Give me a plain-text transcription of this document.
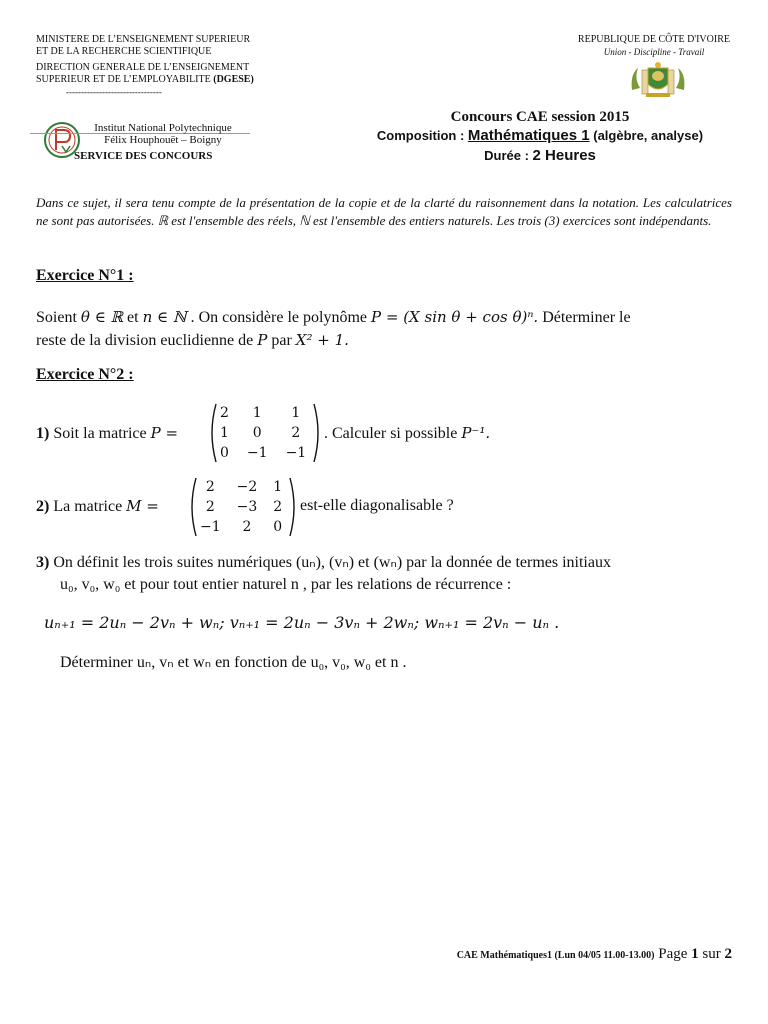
MINISTERE DE L’ENSEIGNEMENT SUPERIEUR
ET DE LA RECHERCHE SCIENTIFIQUE
DIRECTION GENERALE DE L’ENSEIGNEMENT
SUPERIEUR ET DE L’EMPLOYABILITE (DGESE)
--------------------------------
REPUBLIQUE DE CÔTE D'IVOIRE
Union - Discipline - Travail
Institut National Polytechnique
Félix Houphouët – Boigny
SERVICE DES CONCOURS
Concours CAE session 2015
Composition : Mathématiques 1 (algèbre, analyse)
Durée : 2 Heures
Dans ce sujet, il sera tenu compte de la présentation de la copie et de la clarté du raisonnement dans la notation. Les calculatrices ne sont pas autorisées. ℝ est l'ensemble des réels, ℕ est l'ensemble des entiers naturels. Les trois (3) exercices sont indépendants.
Exercice N°1 :
Soient θ ∈ ℝ et n ∈ ℕ . On considère le polynôme P = (X sin θ + cos θ)ⁿ. Déterminer le
reste de la division euclidienne de P par X² + 1.
Exercice N°2 :
1) Soit la matrice P =
2	1	1
1	0	2
0	−1	−1
. Calculer si possible P⁻¹.
2) La matrice M =
2	−2	1
2	−3	2
−1	2	0
est-elle diagonalisable ?
3) On définit les trois suites numériques (uₙ), (vₙ) et (wₙ) par la donnée de termes initiaux
u₀, v₀, w₀ et pour tout entier naturel n , par les relations de récurrence :
uₙ₊₁ = 2uₙ − 2vₙ + wₙ; vₙ₊₁ = 2uₙ − 3vₙ + 2wₙ; wₙ₊₁ = 2vₙ − uₙ .
Déterminer uₙ, vₙ et wₙ en fonction de u₀, v₀, w₀ et n .
CAE Mathématiques1 (Lun 04/05 11.00-13.00) Page 1 sur 2
